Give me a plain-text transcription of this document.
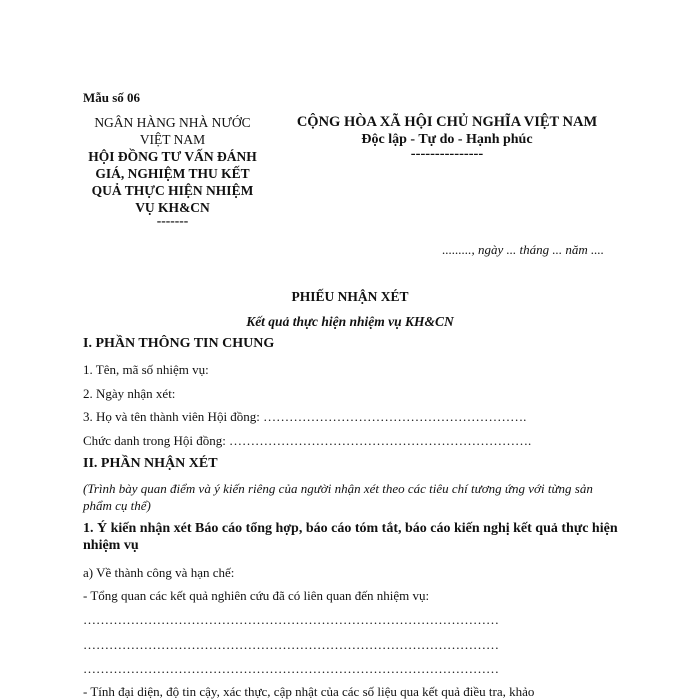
Mẫu số 06
NGÂN HÀNG NHÀ NƯỚC
VIỆT NAM
HỘI ĐỒNG TƯ VẤN ĐÁNH
GIÁ, NGHIỆM THU KẾT
QUẢ THỰC HIỆN NHIỆM
VỤ KH&CN
-------
CỘNG HÒA XÃ HỘI CHỦ NGHĨA VIỆT NAM
Độc lập - Tự do - Hạnh phúc
---------------
........., ngày ... tháng ... năm ....
PHIẾU NHẬN XÉT
Kết quả thực hiện nhiệm vụ KH&CN
I. PHẦN THÔNG TIN CHUNG
1. Tên, mã số nhiệm vụ:
2. Ngày nhận xét:
3. Họ và tên thành viên Hội đồng: …………………………………………………….
Chức danh trong Hội đồng: …………………………………………………………….
II. PHẦN NHẬN XÉT
(Trình bày quan điểm và ý kiến riêng của người nhận xét theo các tiêu chí tương ứng với từng sản phẩm cụ thể)
1. Ý kiến nhận xét Báo cáo tổng hợp, báo cáo tóm tắt, báo cáo kiến nghị kết quả thực hiện nhiệm vụ
a) Về thành công và hạn chế:
- Tổng quan các kết quả nghiên cứu đã có liên quan đến nhiệm vụ:
……………………………………………………………………………………
……………………………………………………………………………………
……………………………………………………………………………………
- Tính đại diện, độ tin cậy, xác thực, cập nhật của các số liệu qua kết quả điều tra, khảo
